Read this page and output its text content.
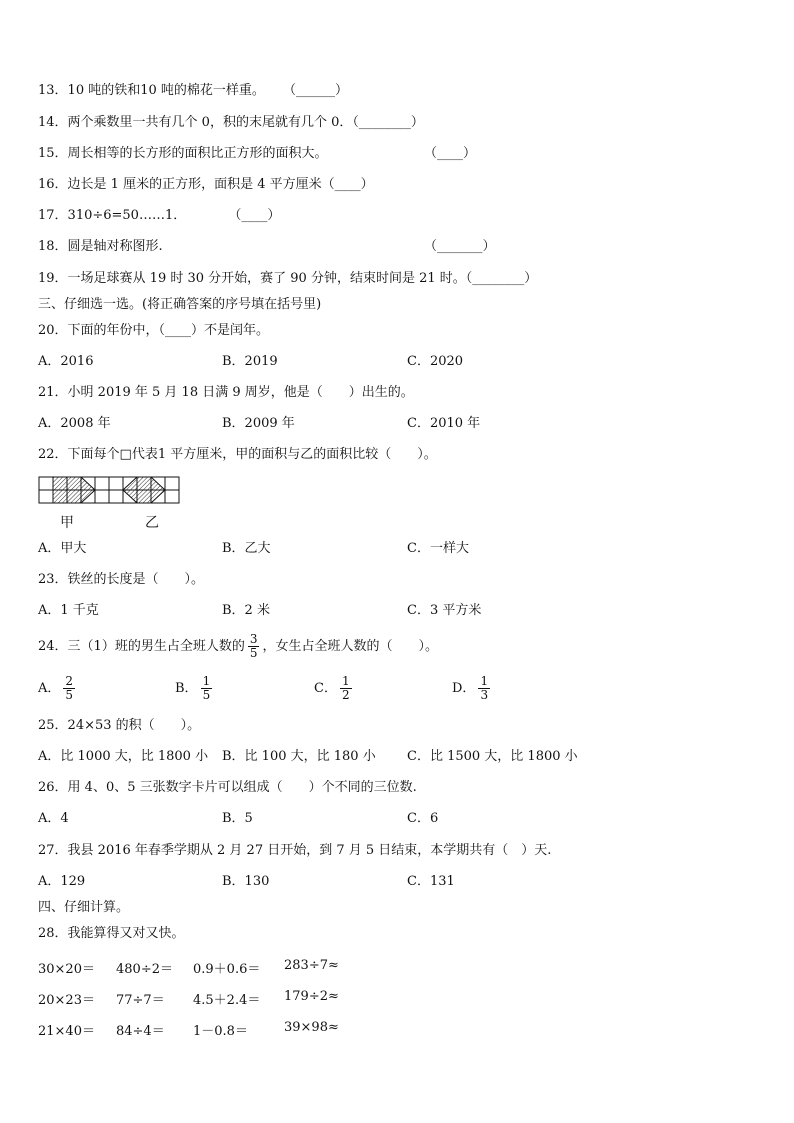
13．10 吨的铁和10 吨的棉花一样重。 （______）
14．两个乘数里一共有几个 0，积的末尾就有几个 0．（________）
15．周长相等的长方形的面积比正方形的面积大。	（____）
16．边长是 1 厘米的正方形，面积是 4 平方厘米（____）
17．310÷6=50……1．	（____）
18．圆是轴对称图形.	（_______）
19．一场足球赛从 19 时 30 分开始，赛了 90 分钟，结束时间是 21 时。（________）
三、仔细选一选。(将正确答案的序号填在括号里)
20．下面的年份中，（____）不是闰年。
A．2016	B．2019	C．2020
21．小明 2019 年 5 月 18 日满 9 周岁，他是（　　）出生的。
A．2008 年	B．2009 年	C．2010 年
22．下面每个□代表1 平方厘米，甲的面积与乙的面积比较（　　）。
甲	乙
A．甲大	B．乙大	C．一样大
23．铁丝的长度是（　　）。
A．1 千克	B．2 米	C．3 平方米
24．三（1）班的男生占全班人数的 $\frac{3}{5}$ ，女生占全班人数的（　　）。
A． $\frac{2}{5}$	B． $\frac{1}{5}$	C． $\frac{1}{2}$	D． $\frac{1}{3}$
25．24×53 的积（　　）。
A．比 1000 大，比 1800 小 B．比 100 大，比 180 小 C．比 1500 大，比 1800 小
26．用 4、0、5 三张数字卡片可以组成（　　）个不同的三位数.
A．4	B．5	C．6
27．我县 2016 年春季学期从 2 月 27 日开始，到 7 月 5 日结束，本学期共有（　）天.
A．129	B．130	C．131
四、仔细计算。
28．我能算得又对又快。
30×20＝ 480÷2＝ 0.9＋0.6＝ 283÷7≈
20×23＝ 77÷7＝ 4.5＋2.4＝ 179÷2≈
21×40＝ 84÷4＝ 1－0.8＝	39×98≈
